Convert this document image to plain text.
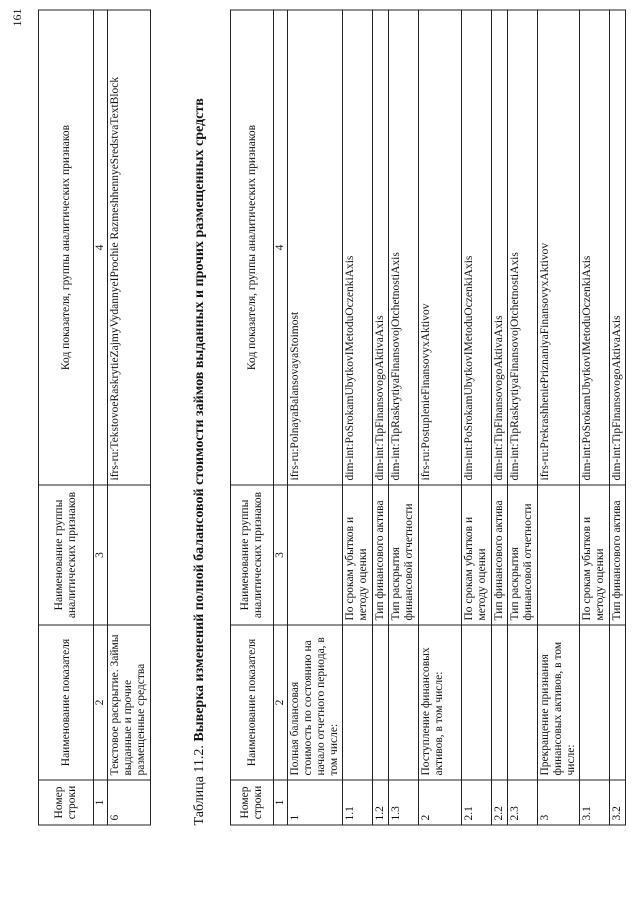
161
Номер строки	Наименование показателя	Наименование группы аналитических признаков	Код показателя, группы аналитических признаков
1	2	3	4
6	Текстовое раскрытие. Займы выданные и прочие размещенные средства		ifrs-ru:TekstovoeRaskrytieZajmyVydannyeIProchie RazmeshhennyeSredstvaTextBlock
Таблица 11.2. Выверка изменений полной балансовой стоимости займов выданных и прочих размещенных средств
Номер строки	Наименование показателя	Наименование группы аналитических признаков	Код показателя, группы аналитических признаков
1	2	3	4
1	Полная балансовая стоимость по состоянию на начало отчетного периода, в том числе:		ifrs-ru:PolnayaBalansovayaStoimost
1.1		По срокам убытков и методу оценки	dim-int:PoSrokamUbytkovIMetoduOczenkiAxis
1.2		Тип финансового актива	dim-int:TipFinansovogoAktivaAxis
1.3		Тип раскрытия финансовой отчетности	dim-int:TipRaskrytiyaFinansovojOtchetnostiAxis
2	Поступление финансовых активов, в том числе:		ifrs-ru:PostuplenieFinansovyxAktivov
2.1		По срокам убытков и методу оценки	dim-int:PoSrokamUbytkovIMetoduOczenkiAxis
2.2		Тип финансового актива	dim-int:TipFinansovogoAktivaAxis
2.3		Тип раскрытия финансовой отчетности	dim-int:TipRaskrytiyaFinansovojOtchetnostiAxis
3	Прекращение признания финансовых активов, в том числе:		ifrs-ru:PrekrashheniePriznaniyaFinansovyxAktivov
3.1		По срокам убытков и методу оценки	dim-int:PoSrokamUbytkovIMetoduOczenkiAxis
3.2		Тип финансового актива	dim-int:TipFinansovogoAktivaAxis
